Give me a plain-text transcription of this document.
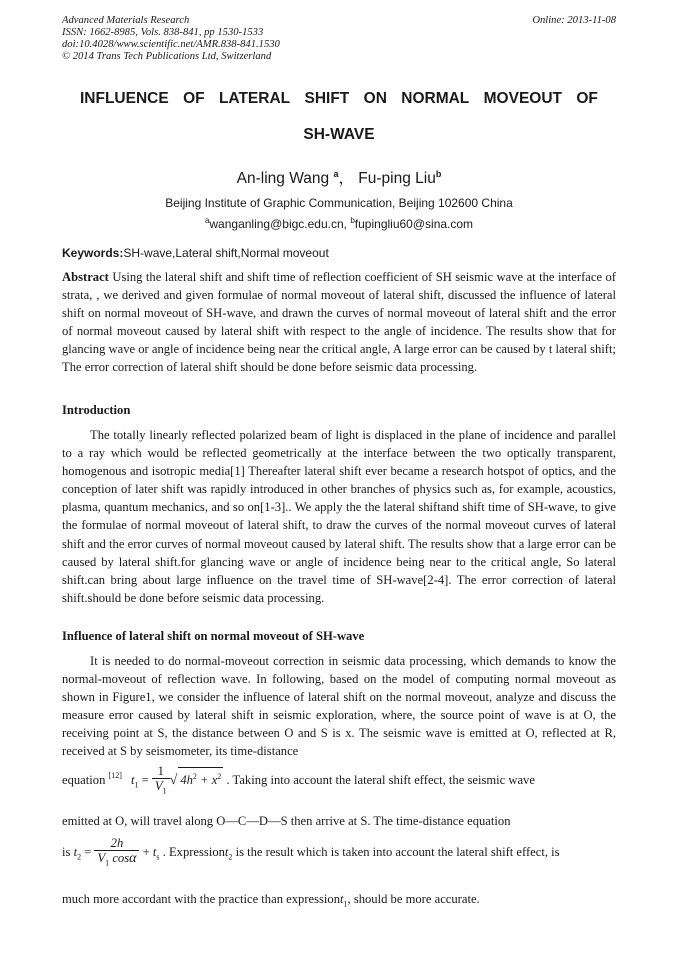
Advanced Materials Research
ISSN: 1662-8985, Vols. 838-841, pp 1530-1533
doi:10.4028/www.scientific.net/AMR.838-841.1530
© 2014 Trans Tech Publications Ltd, Switzerland
Online: 2013-11-08
INFLUENCE OF LATERAL SHIFT ON NORMAL MOVEOUT OF
SH-WAVE
An-ling Wang $^a$， Fu-ping Liu$^b$
Beijing Institute of Graphic Communication, Beijing 102600 China
$^a$wanganling@bigc.edu.cn, $^b$fupingliu60@sina.com
Keywords:SH-wave,Lateral shift,Normal moveout
Abstract Using the lateral shift and shift time of reflection coefficient of SH seismic wave at the interface of strata, , we derived and given formulae of normal moveout of lateral shift, discussed the influence of lateral shift on normal moveout of SH-wave, and drawn the curves of normal moveout of lateral shift and the error of normal moveout caused by lateral shift with respect to the angle of incidence. The results show that for glancing wave or angle of incidence being near the critical angle, A large error can be caused by t lateral shift; The error correction of lateral shift should be done before seismic data processing.
Introduction
The totally linearly reflected polarized beam of light is displaced in the plane of incidence and parallel to a ray which would be reflected geometrically at the interface between the two optically transparent, homogenous and isotropic media[1] Thereafter lateral shift ever became a research hotspot of optics, and the conception of later shift was rapidly introduced in other branches of physics such as, for example, acoustics, plasma, quantum mechanics, and so on[1-3].. We apply the the lateral shiftand shift time of SH-wave, to give the formulae of normal moveout of lateral shift, to draw the curves of the normal moveout curves of lateral shift and the error curves of normal moveout caused by lateral shift. The results show that a large error can be caused by lateral shift.for glancing wave or angle of incidence being near to the critical angle, So lateral shift.can bring about large influence on the travel time of SH-wave[2-4]. The error correction of lateral shift.should be done before seismic data processing.
Influence of lateral shift on normal moveout of SH-wave
It is needed to do normal-moveout correction in seismic data processing, which demands to know the normal-moveout of reflection wave. In following, based on the model of computing normal moveout as shown in Figure1, we consider the influence of lateral shift on the normal moveout, analyze and discuss the measure error caused by lateral shift in seismic exploration, where, the source point of wave is at O, the receiving point at S, the distance between O and S is x. The seismic wave is emitted at O, reflected at R, received at S by seismometer, its time-distance
equation [12] $t_1 = \frac{1}{V_1}$ √ $4h^2 + x^2$ . Taking into account the lateral shift effect, the seismic wave
emitted at O, will travel along O—C—D—S then arrive at S. The time-distance equation
is $t_2 = \frac{2h}{V_1 \cos\alpha} + t_s$ . Expressiont$_2$ is the result which is taken into account the lateral shift effect, is
much more accordant with the practice than expressiont$_1$, should be more accurate.
